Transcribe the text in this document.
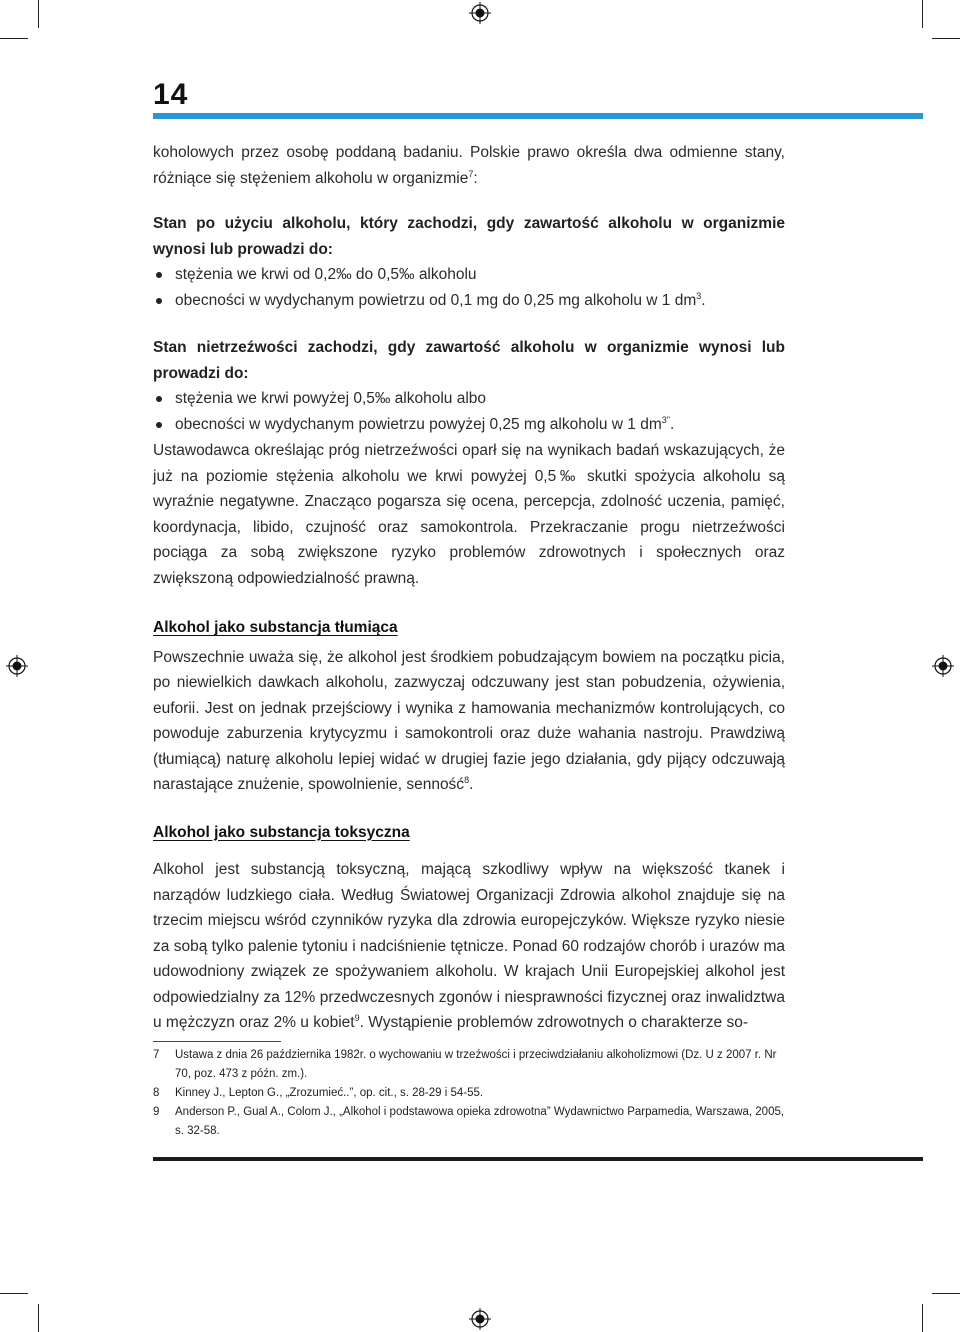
14

koholowych przez osobę poddaną badaniu. Polskie prawo określa dwa odmienne stany, różniące się stężeniem alkoholu w organizmie$^7$:

Stan po użyciu alkoholu, który zachodzi, gdy zawartość alkoholu w organizmie wynosi lub prowadzi do:

stężenia we krwi od 0,2‰ do 0,5‰ alkoholu
obecności w wydychanym powietrzu od 0,1 mg do 0,25 mg alkoholu w 1 $dm^3$.

Stan nietrzeźwości zachodzi, gdy zawartość alkoholu w organizmie wynosi lub prowadzi do:

stężenia we krwi powyżej 0,5‰ alkoholu albo
obecności w wydychanym powietrzu powyżej 0,25 mg alkoholu w 1 $dm^{3"}$.

Ustawodawca określając próg nietrzeźwości oparł się na wynikach badań wskazujących, że już na poziomie stężenia alkoholu we krwi powyżej 0,5‰ skutki spożycia alkoholu są wyraźnie negatywne. Znacząco pogarsza się ocena, percepcja, zdolność uczenia, pamięć, koordynacja, libido, czujność oraz samokontrola. Przekraczanie progu nietrzeźwości pociąga za sobą zwiększone ryzyko problemów zdrowotnych i społecznych oraz zwiększoną odpowiedzialność prawną.

Alkohol jako substancja tłumiąca

Powszechnie uważa się, że alkohol jest środkiem pobudzającym bowiem na początku picia, po niewielkich dawkach alkoholu, zazwyczaj odczuwany jest stan pobudzenia, ożywienia, euforii. Jest on jednak przejściowy i wynika z hamowania mechanizmów kontrolujących, co powoduje zaburzenia krytycyzmu i samokontroli oraz duże wahania nastroju. Prawdziwą (tłumiącą) naturę alkoholu lepiej widać w drugiej fazie jego działania, gdy pijący odczuwają narastające znużenie, spowolnienie, senność$^8$.

Alkohol jako substancja toksyczna

Alkohol jest substancją toksyczną, mającą szkodliwy wpływ na większość tkanek i narządów ludzkiego ciała. Według Światowej Organizacji Zdrowia alkohol znajduje się na trzecim miejscu wśród czynników ryzyka dla zdrowia europejczyków. Większe ryzyko niesie za sobą tylko palenie tytoniu i nadciśnienie tętnicze. Ponad 60 rodzajów chorób i urazów ma udowodniony związek ze spożywaniem alkoholu. W krajach Unii Europejskiej alkohol jest odpowiedzialny za 12% przedwczesnych zgonów i niesprawności fizycznej oraz inwalidztwa u mężczyzn oraz 2% u kobiet$^9$. Wystąpienie problemów zdrowotnych o charakterze so-

7 Ustawa z dnia 26 października 1982r. o wychowaniu w trzeźwości i przeciwdziałaniu alkoholizmowi (Dz. U z 2007 r. Nr 70, poz. 473 z późn. zm.).
8 Kinney J., Lepton G., „Zrozumieć..”, op. cit., s. 28-29 i 54-55.
9 Anderson P., Gual A., Colom J., „Alkohol i podstawowa opieka zdrowotna” Wydawnictwo Parpamedia, Warszawa, 2005, s. 32-58.
